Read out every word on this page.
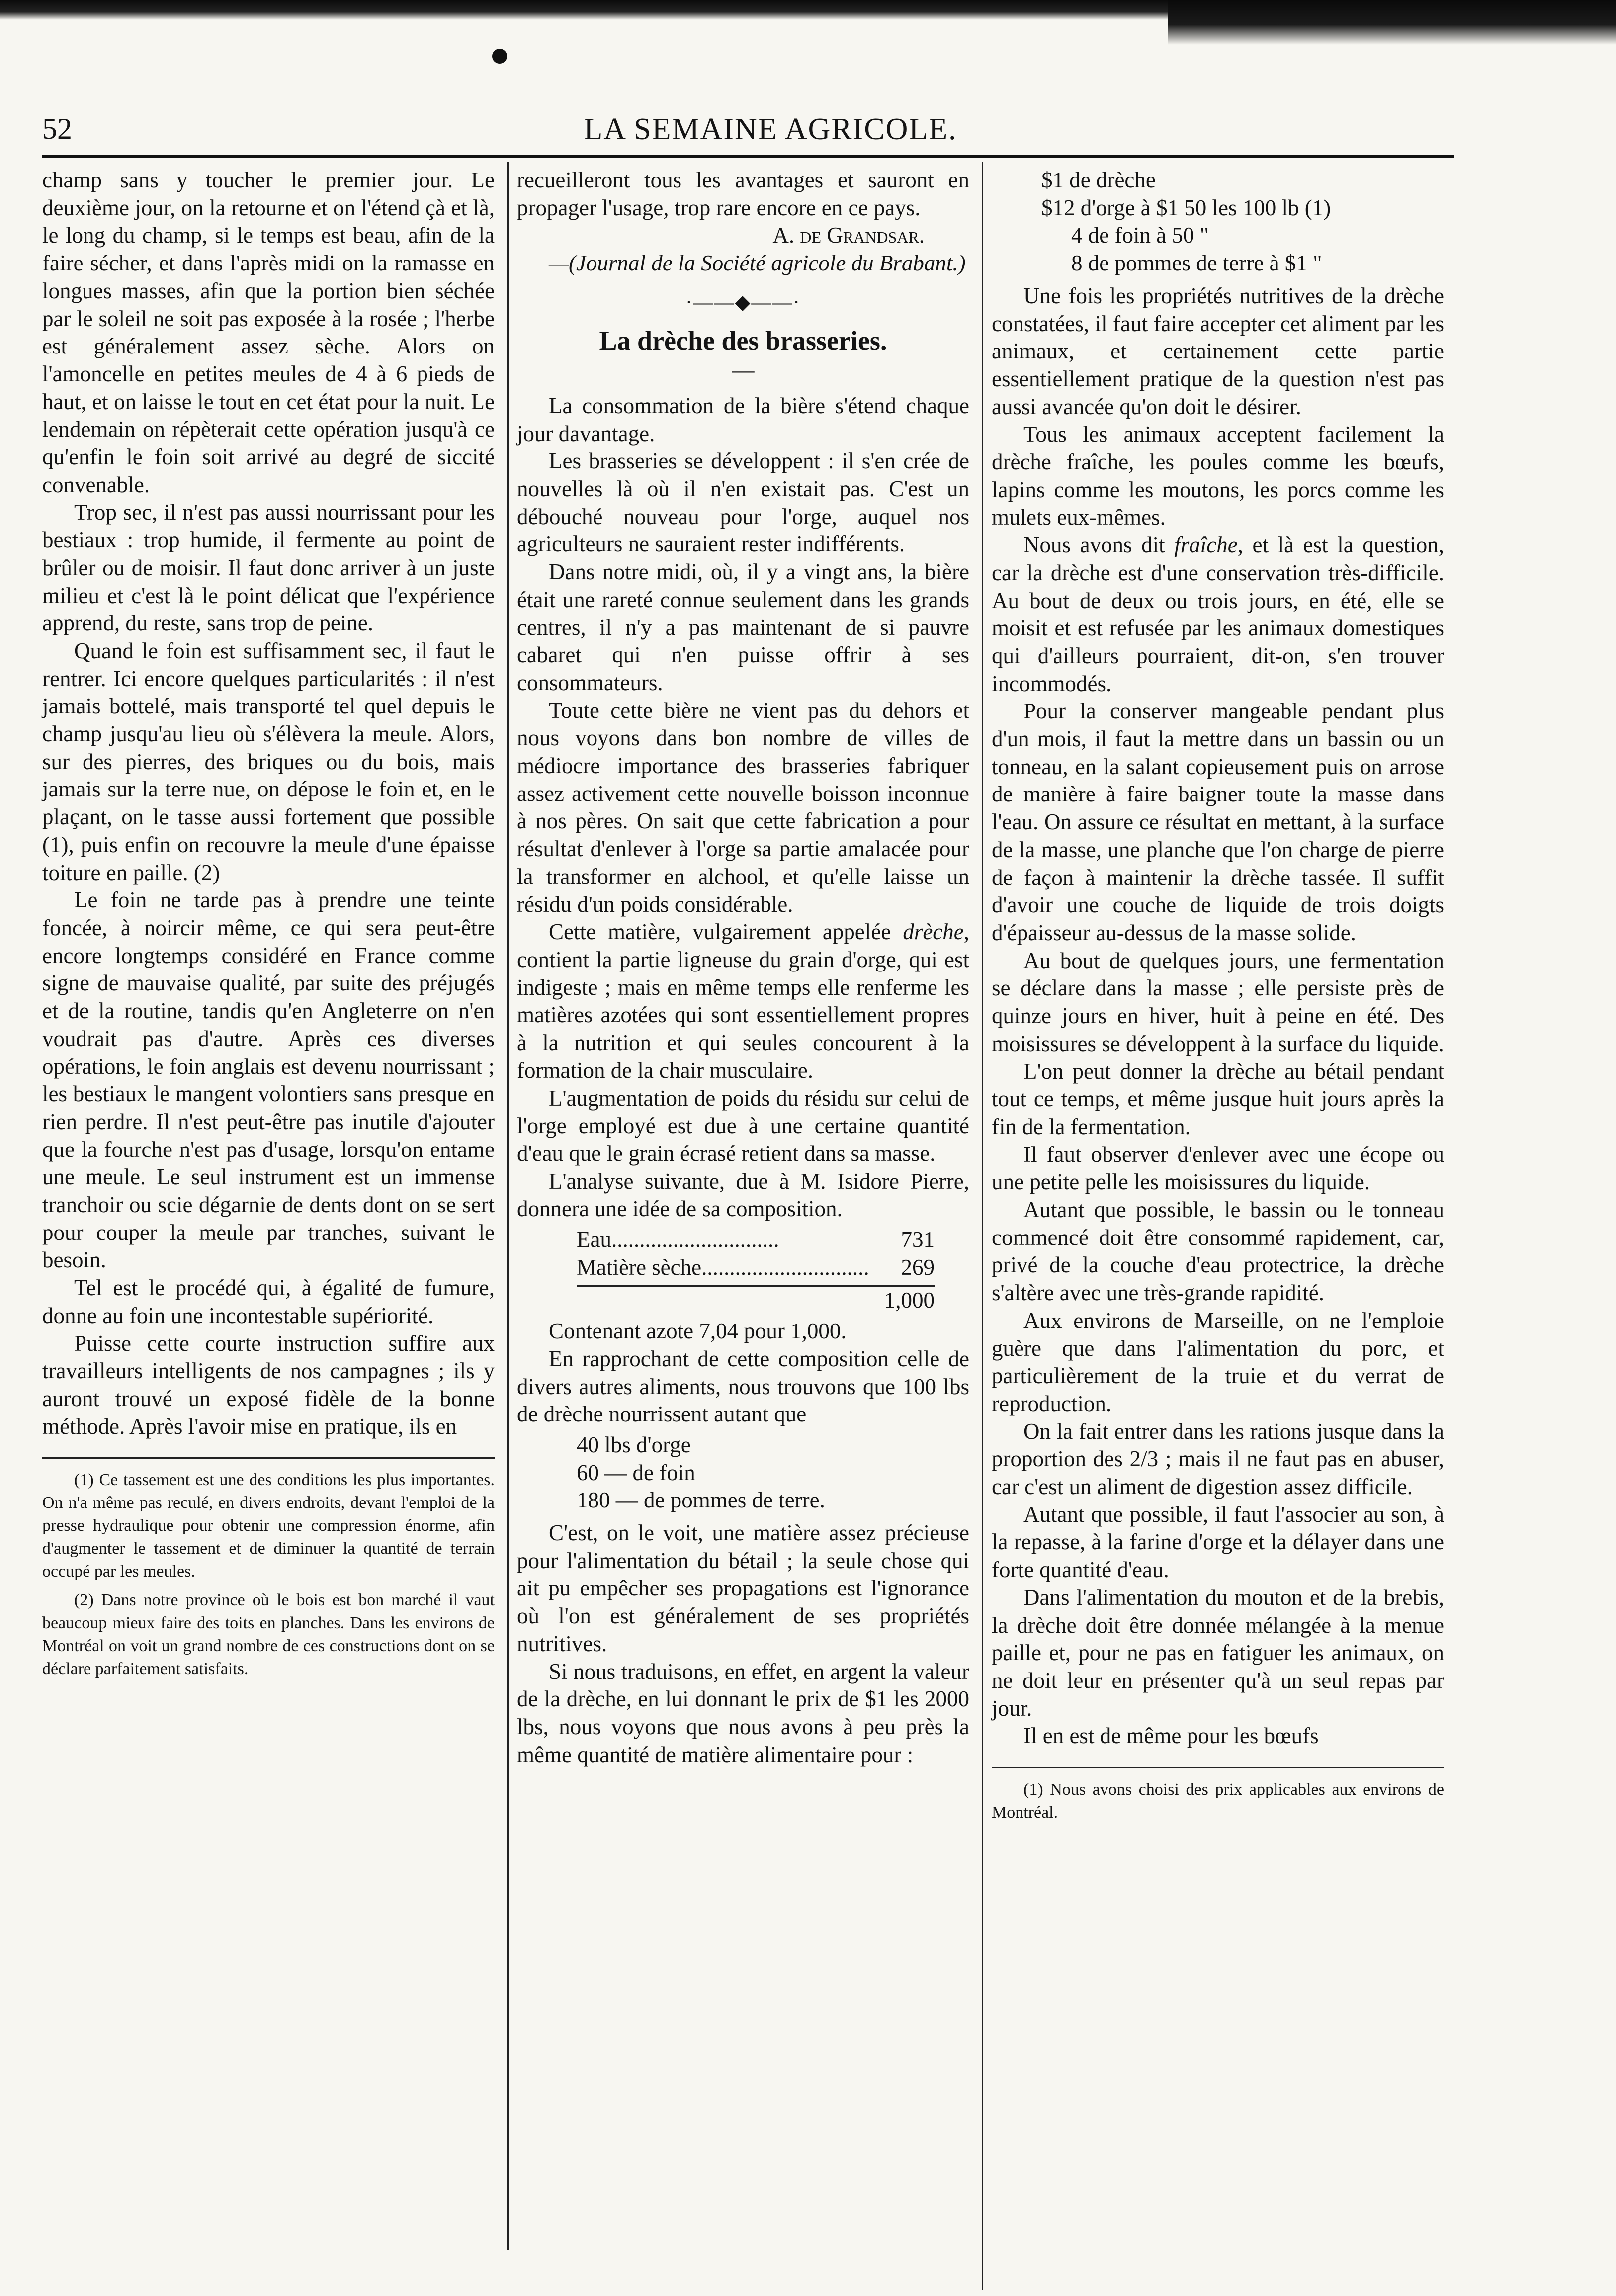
52	LA SEMAINE AGRICOLE.

champ sans y toucher le premier jour. Le deuxième jour, on la retourne et on l'étend çà et là, le long du champ, si le temps est beau, afin de la faire sécher, et dans l'après midi on la ramasse en longues masses, afin que la portion bien séchée par le soleil ne soit pas exposée à la rosée ; l'herbe est généralement assez sèche. Alors on l'amoncelle en petites meules de 4 à 6 pieds de haut, et on laisse le tout en cet état pour la nuit. Le lendemain on répèterait cette opération jusqu'à ce qu'enfin le foin soit arrivé au degré de siccité convenable.

Trop sec, il n'est pas aussi nourrissant pour les bestiaux : trop humide, il fermente au point de brûler ou de moisir. Il faut donc arriver à un juste milieu et c'est là le point délicat que l'expérience apprend, du reste, sans trop de peine.

Quand le foin est suffisamment sec, il faut le rentrer. Ici encore quelques particularités : il n'est jamais bottelé, mais transporté tel quel depuis le champ jusqu'au lieu où s'élèvera la meule. Alors, sur des pierres, des briques ou du bois, mais jamais sur la terre nue, on dépose le foin et, en le plaçant, on le tasse aussi fortement que possible (1), puis enfin on recouvre la meule d'une épaisse toiture en paille. (2)

Le foin ne tarde pas à prendre une teinte foncée, à noircir même, ce qui sera peut-être encore longtemps considéré en France comme signe de mauvaise qualité, par suite des préjugés et de la routine, tandis qu'en Angleterre on n'en voudrait pas d'autre. Après ces diverses opérations, le foin anglais est devenu nourrissant ; les bestiaux le mangent volontiers sans presque en rien perdre. Il n'est peut-être pas inutile d'ajouter que la fourche n'est pas d'usage, lorsqu'on entame une meule. Le seul instrument est un immense tranchoir ou scie dégarnie de dents dont on se sert pour couper la meule par tranches, suivant le besoin.

Tel est le procédé qui, à égalité de fumure, donne au foin une incontestable supériorité.

Puisse cette courte instruction suffire aux travailleurs intelligents de nos campagnes ; ils y auront trouvé un exposé fidèle de la bonne méthode. Après l'avoir mise en pratique, ils en

(1) Ce tassement est une des conditions les plus importantes. On n'a même pas reculé, en divers endroits, devant l'emploi de la presse hydraulique pour obtenir une compression énorme, afin d'augmenter le tassement et de diminuer la quantité de terrain occupé par les meules.

(2) Dans notre province où le bois est bon marché il vaut beaucoup mieux faire des toits en planches. Dans les environs de Montréal on voit un grand nombre de ces constructions dont on se déclare parfaitement satisfaits.

recueilleront tous les avantages et sauront en propager l'usage, trop rare encore en ce pays.

A. de Grandsar.

—(Journal de la Société agricole du Brabant.)

·——◆——·
La drèche des brasseries.
—

La consommation de la bière s'étend chaque jour davantage.

Les brasseries se développent : il s'en crée de nouvelles là où il n'en existait pas. C'est un débouché nouveau pour l'orge, auquel nos agriculteurs ne sauraient rester indifférents.

Dans notre midi, où, il y a vingt ans, la bière était une rareté connue seulement dans les grands centres, il n'y a pas maintenant de si pauvre cabaret qui n'en puisse offrir à ses consommateurs.

Toute cette bière ne vient pas du dehors et nous voyons dans bon nombre de villes de médiocre importance des brasseries fabriquer assez activement cette nouvelle boisson inconnue à nos pères. On sait que cette fabrication a pour résultat d'enlever à l'orge sa partie amalacée pour la transformer en alchool, et qu'elle laisse un résidu d'un poids considérable.

Cette matière, vulgairement appelée drèche, contient la partie ligneuse du grain d'orge, qui est indigeste ; mais en même temps elle renferme les matières azotées qui sont essentiellement propres à la nutrition et qui seules concourent à la formation de la chair musculaire.

L'augmentation de poids du résidu sur celui de l'orge employé est due à une certaine quantité d'eau que le grain écrasé retient dans sa masse.

L'analyse suivante, due à M. Isidore Pierre, donnera une idée de sa composition.

Eau ..............................	731
Matière sèche ..............................	269
1,000

Contenant azote 7,04 pour 1,000.

En rapprochant de cette composition celle de divers autres aliments, nous trouvons que 100 lbs de drèche nourrissent autant que

40 lbs d'orge
60 — de foin
180 — de pommes de terre.

C'est, on le voit, une matière assez précieuse pour l'alimentation du bétail ; la seule chose qui ait pu empêcher ses propagations est l'ignorance où l'on est généralement de ses propriétés nutritives.

Si nous traduisons, en effet, en argent la valeur de la drèche, en lui donnant le prix de $1 les 2000 lbs, nous voyons que nous avons à peu près la même quantité de matière alimentaire pour :

$1 de drèche
$12 d'orge à $1 50 les 100 lb (1)
4 de foin à 50 "
8 de pommes de terre à $1 "

Une fois les propriétés nutritives de la drèche constatées, il faut faire accepter cet aliment par les animaux, et certainement cette partie essentiellement pratique de la question n'est pas aussi avancée qu'on doit le désirer.

Tous les animaux acceptent facilement la drèche fraîche, les poules comme les bœufs, lapins comme les moutons, les porcs comme les mulets eux-mêmes.

Nous avons dit fraîche, et là est la question, car la drèche est d'une conservation très-difficile. Au bout de deux ou trois jours, en été, elle se moisit et est refusée par les animaux domestiques qui d'ailleurs pourraient, dit-on, s'en trouver incommodés.

Pour la conserver mangeable pendant plus d'un mois, il faut la mettre dans un bassin ou un tonneau, en la salant copieusement puis on arrose de manière à faire baigner toute la masse dans l'eau. On assure ce résultat en mettant, à la surface de la masse, une planche que l'on charge de pierre de façon à maintenir la drèche tassée. Il suffit d'avoir une couche de liquide de trois doigts d'épaisseur au-dessus de la masse solide.

Au bout de quelques jours, une fermentation se déclare dans la masse ; elle persiste près de quinze jours en hiver, huit à peine en été. Des moisissures se développent à la surface du liquide.

L'on peut donner la drèche au bétail pendant tout ce temps, et même jusque huit jours après la fin de la fermentation.

Il faut observer d'enlever avec une écope ou une petite pelle les moisissures du liquide.

Autant que possible, le bassin ou le tonneau commencé doit être consommé rapidement, car, privé de la couche d'eau protectrice, la drèche s'altère avec une très-grande rapidité.

Aux environs de Marseille, on ne l'emploie guère que dans l'alimentation du porc, et particulièrement de la truie et du verrat de reproduction.

On la fait entrer dans les rations jusque dans la proportion des 2/3 ; mais il ne faut pas en abuser, car c'est un aliment de digestion assez difficile.

Autant que possible, il faut l'associer au son, à la repasse, à la farine d'orge et la délayer dans une forte quantité d'eau.

Dans l'alimentation du mouton et de la brebis, la drèche doit être donnée mélangée à la menue paille et, pour ne pas en fatiguer les animaux, on ne doit leur en présenter qu'à un seul repas par jour.

Il en est de même pour les bœufs

(1) Nous avons choisi des prix applicables aux environs de Montréal.
